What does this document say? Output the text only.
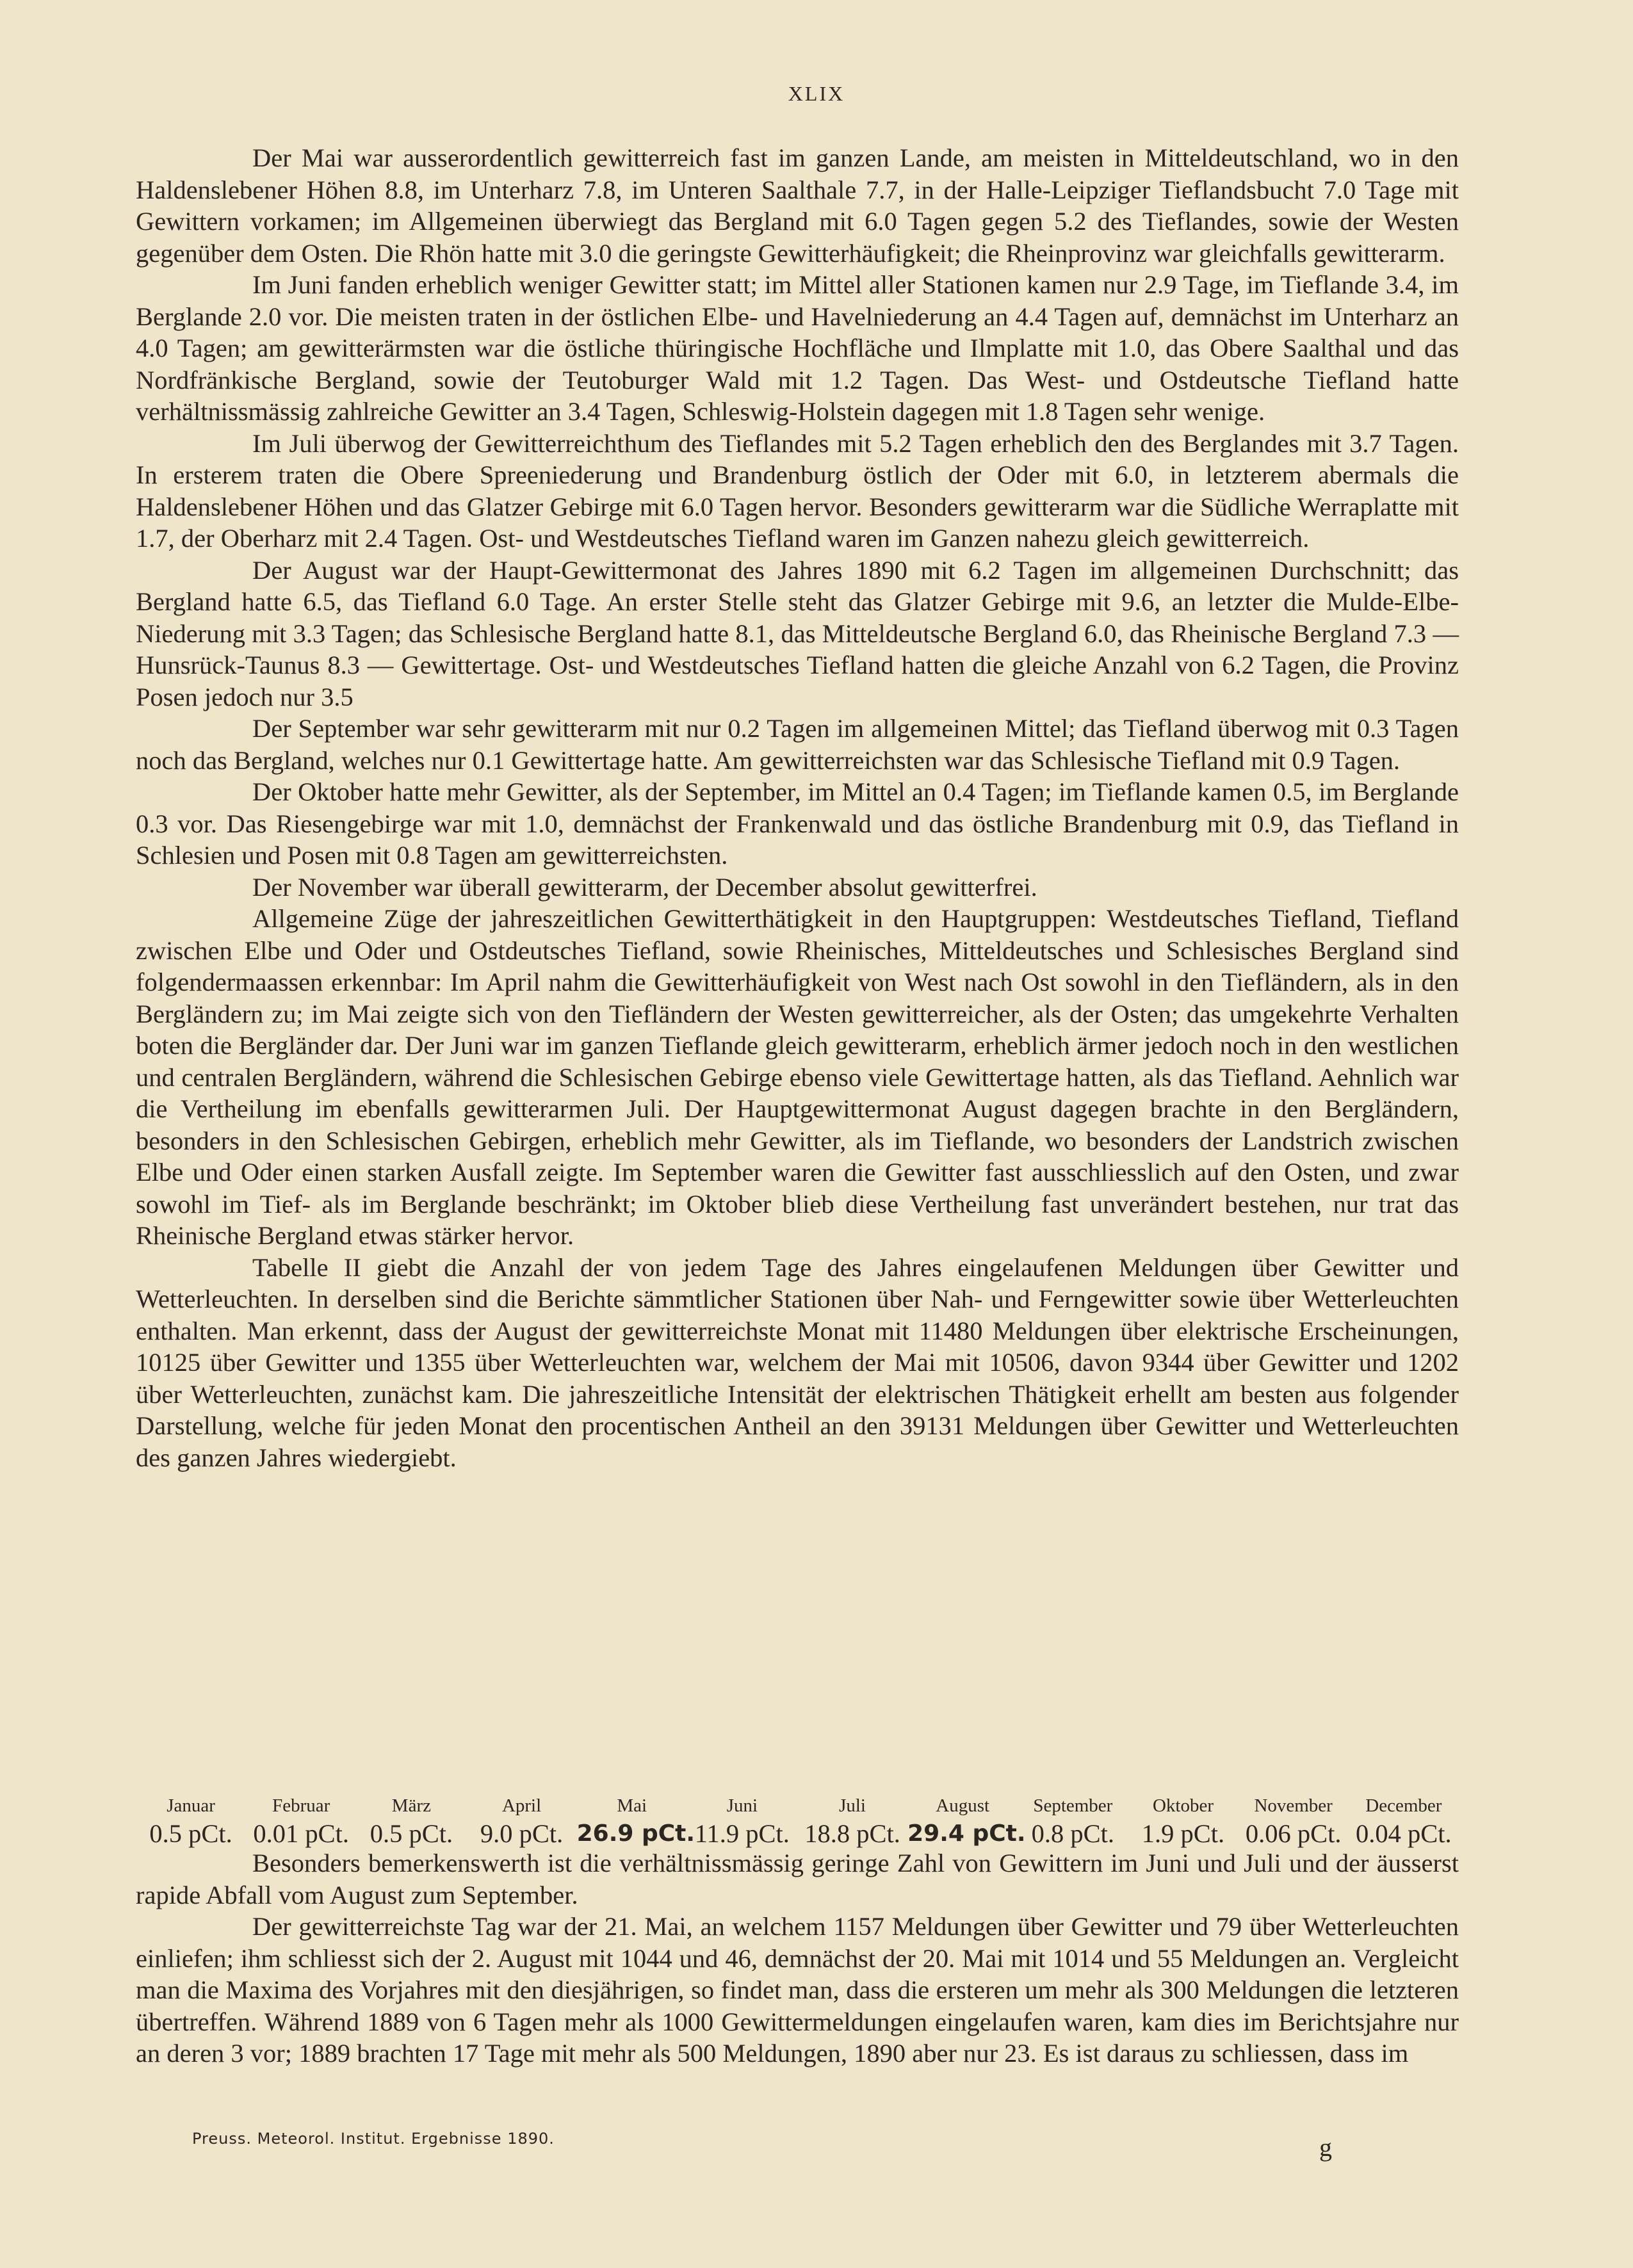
XLIX

Der Mai war ausserordentlich gewitterreich fast im ganzen Lande, am meisten in Mitteldeutschland, wo in den Haldenslebener Höhen 8.8, im Unterharz 7.8, im Unteren Saalthale 7.7, in der Halle-Leipziger Tieflandsbucht 7.0 Tage mit Gewittern vorkamen; im Allgemeinen überwiegt das Bergland mit 6.0 Tagen gegen 5.2 des Tieflandes, sowie der Westen gegenüber dem Osten. Die Rhön hatte mit 3.0 die geringste Gewitterhäufigkeit; die Rheinprovinz war gleichfalls gewitterarm.

Im Juni fanden erheblich weniger Gewitter statt; im Mittel aller Stationen kamen nur 2.9 Tage, im Tieflande 3.4, im Berglande 2.0 vor. Die meisten traten in der östlichen Elbe- und Havelniederung an 4.4 Tagen auf, demnächst im Unterharz an 4.0 Tagen; am gewitterärmsten war die östliche thüringische Hochfläche und Ilmplatte mit 1.0, das Obere Saalthal und das Nordfränkische Bergland, sowie der Teutoburger Wald mit 1.2 Tagen. Das West- und Ostdeutsche Tiefland hatte verhältnissmässig zahlreiche Gewitter an 3.4 Tagen, Schleswig-Holstein dagegen mit 1.8 Tagen sehr wenige.

Im Juli überwog der Gewitterreichthum des Tieflandes mit 5.2 Tagen erheblich den des Berglandes mit 3.7 Tagen. In ersterem traten die Obere Spreeniederung und Brandenburg östlich der Oder mit 6.0, in letzterem abermals die Haldenslebener Höhen und das Glatzer Gebirge mit 6.0 Tagen hervor. Besonders gewitterarm war die Südliche Werraplatte mit 1.7, der Oberharz mit 2.4 Tagen. Ost- und Westdeutsches Tiefland waren im Ganzen nahezu gleich gewitterreich.

Der August war der Haupt-Gewittermonat des Jahres 1890 mit 6.2 Tagen im allgemeinen Durchschnitt; das Bergland hatte 6.5, das Tiefland 6.0 Tage. An erster Stelle steht das Glatzer Gebirge mit 9.6, an letzter die Mulde-Elbe-Niederung mit 3.3 Tagen; das Schlesische Bergland hatte 8.1, das Mitteldeutsche Bergland 6.0, das Rheinische Bergland 7.3 — Hunsrück-Taunus 8.3 — Gewittertage. Ost- und Westdeutsches Tiefland hatten die gleiche Anzahl von 6.2 Tagen, die Provinz Posen jedoch nur 3.5

Der September war sehr gewitterarm mit nur 0.2 Tagen im allgemeinen Mittel; das Tiefland überwog mit 0.3 Tagen noch das Bergland, welches nur 0.1 Gewittertage hatte. Am gewitterreichsten war das Schlesische Tiefland mit 0.9 Tagen.

Der Oktober hatte mehr Gewitter, als der September, im Mittel an 0.4 Tagen; im Tieflande kamen 0.5, im Berglande 0.3 vor. Das Riesengebirge war mit 1.0, demnächst der Frankenwald und das östliche Brandenburg mit 0.9, das Tiefland in Schlesien und Posen mit 0.8 Tagen am gewitterreichsten.

Der November war überall gewitterarm, der December absolut gewitterfrei.

Allgemeine Züge der jahreszeitlichen Gewitterthätigkeit in den Hauptgruppen: Westdeutsches Tiefland, Tiefland zwischen Elbe und Oder und Ostdeutsches Tiefland, sowie Rheinisches, Mitteldeutsches und Schlesisches Bergland sind folgendermaassen erkennbar: Im April nahm die Gewitterhäufigkeit von West nach Ost sowohl in den Tiefländern, als in den Bergländern zu; im Mai zeigte sich von den Tiefländern der Westen gewitterreicher, als der Osten; das umgekehrte Verhalten boten die Bergländer dar. Der Juni war im ganzen Tieflande gleich gewitterarm, erheblich ärmer jedoch noch in den westlichen und centralen Bergländern, während die Schlesischen Gebirge ebenso viele Gewittertage hatten, als das Tiefland. Aehnlich war die Vertheilung im ebenfalls gewitterarmen Juli. Der Hauptgewittermonat August dagegen brachte in den Bergländern, besonders in den Schlesischen Gebirgen, erheblich mehr Gewitter, als im Tieflande, wo besonders der Landstrich zwischen Elbe und Oder einen starken Ausfall zeigte. Im September waren die Gewitter fast ausschliesslich auf den Osten, und zwar sowohl im Tief- als im Berglande beschränkt; im Oktober blieb diese Vertheilung fast unverändert bestehen, nur trat das Rheinische Bergland etwas stärker hervor.

Tabelle II giebt die Anzahl der von jedem Tage des Jahres eingelaufenen Meldungen über Gewitter und Wetterleuchten. In derselben sind die Berichte sämmtlicher Stationen über Nah- und Ferngewitter sowie über Wetterleuchten enthalten. Man erkennt, dass der August der gewitterreichste Monat mit 11480 Meldungen über elektrische Erscheinungen, 10125 über Gewitter und 1355 über Wetterleuchten war, welchem der Mai mit 10506, davon 9344 über Gewitter und 1202 über Wetterleuchten, zunächst kam. Die jahreszeitliche Intensität der elektrischen Thätigkeit erhellt am besten aus folgender Darstellung, welche für jeden Monat den procentischen Antheil an den 39131 Meldungen über Gewitter und Wetterleuchten des ganzen Jahres wiedergiebt.

Januar	Februar	März	April	Mai	Juni	Juli	August	September	Oktober	November	December
0.5 pCt.	0.01 pCt.	0.5 pCt.	9.0 pCt.	26.9 pCt.	11.9 pCt.	18.8 pCt.	29.4 pCt.	0.8 pCt.	1.9 pCt.	0.06 pCt.	0.04 pCt.

Besonders bemerkenswerth ist die verhältnissmässig geringe Zahl von Gewittern im Juni und Juli und der äusserst rapide Abfall vom August zum September.

Der gewitterreichste Tag war der 21. Mai, an welchem 1157 Meldungen über Gewitter und 79 über Wetterleuchten einliefen; ihm schliesst sich der 2. August mit 1044 und 46, demnächst der 20. Mai mit 1014 und 55 Meldungen an. Vergleicht man die Maxima des Vorjahres mit den diesjährigen, so findet man, dass die ersteren um mehr als 300 Meldungen die letzteren übertreffen. Während 1889 von 6 Tagen mehr als 1000 Gewittermeldungen eingelaufen waren, kam dies im Berichtsjahre nur an deren 3 vor; 1889 brachten 17 Tage mit mehr als 500 Meldungen, 1890 aber nur 23. Es ist daraus zu schliessen, dass im

Preuss. Meteorol. Institut. Ergebnisse 1890.	g
